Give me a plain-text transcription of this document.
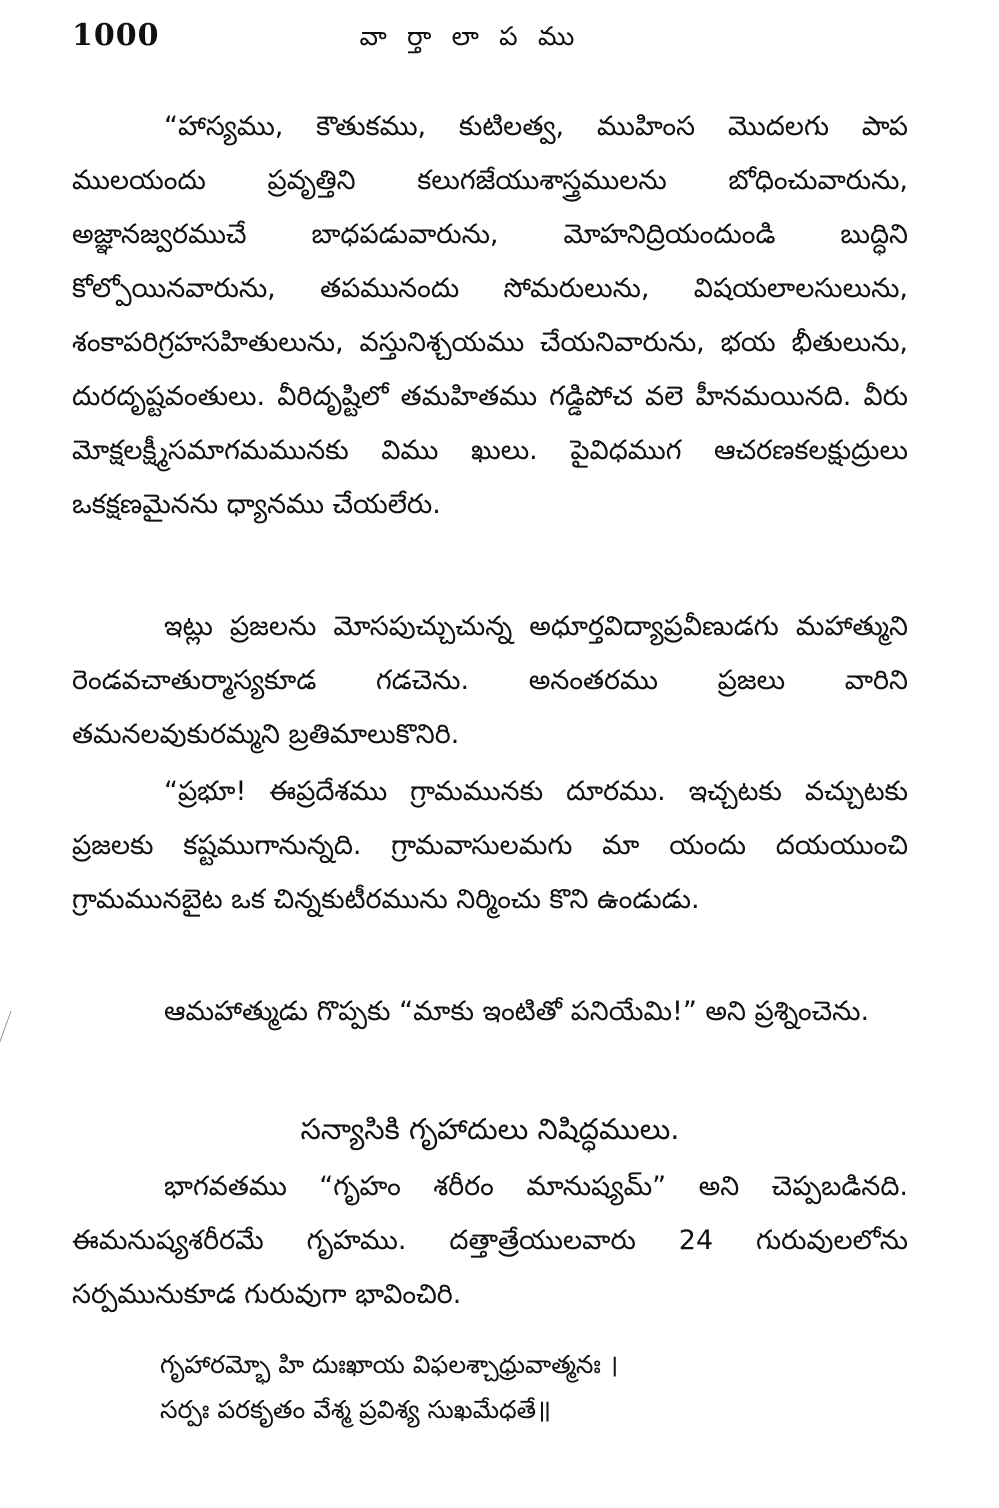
1000	వా ర్తా లా ప ము

“హాస్యము, కౌతుకము, కుటిలత్వ, ముహింస మొదలగు పాప ములయందు ప్రవృత్తిని కలుగజేయుశాస్త్రములను బోధించువారును, అజ్ఞానజ్వరముచే బాధపడువారును, మోహనిద్రియందుండి బుద్ధిని కోల్పోయినవారును, తపమునందు సోమరులును, విషయలాలసులును, శంకాపరిగ్రహసహితులును, వస్తునిశ్చయము చేయనివారును, భయ భీతులును, దురదృష్టవంతులు. వీరిదృష్టిలో తమహితము గడ్డిపోచ వలె హీనమయినది. వీరు మోక్షలక్ష్మీసమాగమమునకు విము ఖులు. పైవిధముగ ఆచరణకలక్షుద్రులు ఒకక్షణమైనను ధ్యానము చేయలేరు.

ఇట్లు ప్రజలను మోసపుచ్చుచున్న అధూర్తవిద్యాప్రవీణుడగు మహాత్ముని రెండవచాతుర్మాస్యకూడ గడచెను. అనంతరము ప్రజలు వారిని తమనలవుకురమ్మని బ్రతిమాలుకొనిరి.

“ప్రభూ! ఈప్రదేశము గ్రామమునకు దూరము. ఇచ్చటకు వచ్చుటకు ప్రజలకు కష్టముగానున్నది. గ్రామవాసులమగు మా యందు దయయుంచి గ్రామమునబైట ఒక చిన్నకుటీరమును నిర్మించు కొని ఉండుడు.

ఆమహాత్ముడు గొప్పకు “మాకు ఇంటితో పనియేమి!” అని ప్రశ్నించెను.

సన్యాసికి గృహాదులు నిషిద్ధములు.

భాగవతము “గృహం శరీరం మానుష్యమ్” అని చెప్పబడినది. ఈమనుష్యశరీరమే గృహము. దత్తాత్రేయులవారు 24 గురువులలోను సర్పమునుకూడ గురువుగా భావించిరి.

గృహారమ్భో హి దుఃఖాయ విఫలశ్చాధ్రువాత్మనః ।
సర్పః పరకృతం వేశ్మ ప్రవిశ్య సుఖమేధతే॥
